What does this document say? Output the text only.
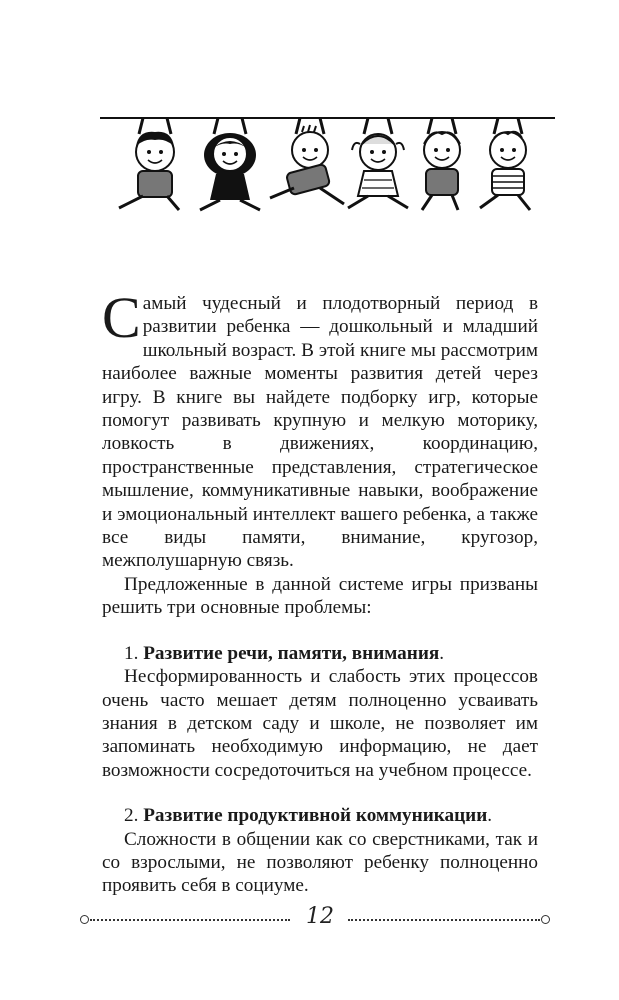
Самый чудесный и плодотворный период в развитии ребенка — дошкольный и младший школьный возраст. В этой книге мы рассмотрим наиболее важные моменты развития детей через игру. В книге вы найдете подборку игр, которые помогут развивать крупную и мелкую моторику, ловкость в движениях, координацию, пространственные представления, стратегическое мышление, коммуникативные навыки, воображение и эмоциональный интеллект вашего ребенка, а также все виды памяти, внимание, кругозор, межполушарную связь.

Предложенные в данной системе игры призваны решить три основные проблемы:

1. Развитие речи, памяти, внимания.

Несформированность и слабость этих процессов очень часто мешает детям полноценно усваивать знания в детском саду и школе, не позволяет им запоминать необходимую информацию, не дает возможности сосредоточиться на учебном процессе.

2. Развитие продуктивной коммуникации.

Сложности в общении как со сверстниками, так и со взрослыми, не позволяют ребенку полноценно проявить себя в социуме.

12
